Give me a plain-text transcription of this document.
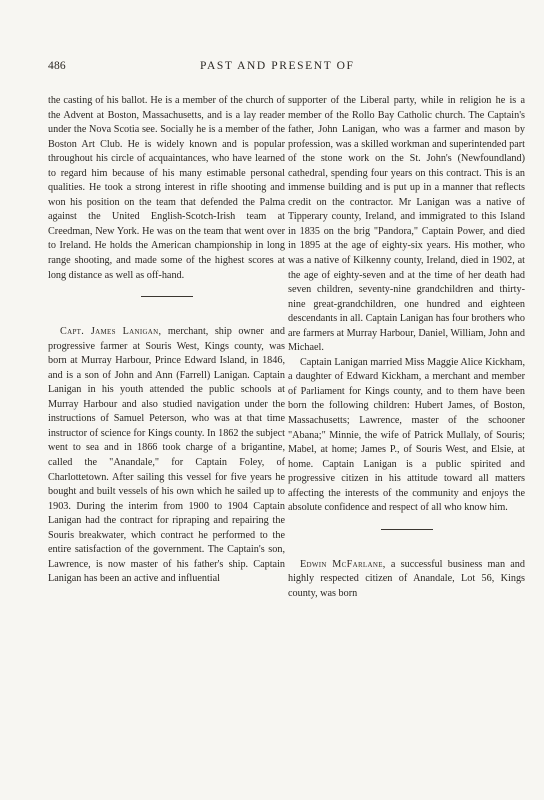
486	PAST AND PRESENT OF

the casting of his ballot. He is a member of the church of the Advent at Boston, Massachusetts, and is a lay reader under the Nova Scotia see. Socially he is a member of the Boston Art Club. He is widely known and is popular throughout his circle of acquaintances, who have learned to regard him because of his many estimable personal qualities. He took a strong interest in rifle shooting and won his position on the team that defended the Palma against the United English-Scotch-Irish team at Creedman, New York. He was on the team that went over to Ireland. He holds the American championship in long range shooting, and made some of the highest scores at long distance as well as off-hand.

Capt. James Lanigan, merchant, ship owner and progressive farmer at Souris West, Kings county, was born at Murray Harbour, Prince Edward Island, in 1846, and is a son of John and Ann (Farrell) Lanigan. Captain Lanigan in his youth attended the public schools at Murray Harbour and also studied navigation under the instructions of Samuel Peterson, who was at that time instructor of science for Kings county. In 1862 the subject went to sea and in 1866 took charge of a brigantine, called the "Anandale," for Captain Foley, of Charlottetown. After sailing this vessel for five years he bought and built vessels of his own which he sailed up to 1903. During the interim from 1900 to 1904 Captain Lanigan had the contract for ripraping and repairing the Souris breakwater, which contract he performed to the entire satisfaction of the government. The Captain's son, Lawrence, is now master of his father's ship. Captain Lanigan has been an active and influential

supporter of the Liberal party, while in religion he is a member of the Rollo Bay Catholic church. The Captain's father, John Lanigan, who was a farmer and mason by profession, was a skilled workman and superintended part of the stone work on the St. John's (Newfoundland) cathedral, spending four years on this contract. This is an immense building and is put up in a manner that reflects credit on the contractor. Mr Lanigan was a native of Tipperary county, Ireland, and immigrated to this Island in 1835 on the brig "Pandora," Captain Power, and died in 1895 at the age of eighty-six years. His mother, who was a native of Kilkenny county, Ireland, died in 1902, at the age of eighty-seven and at the time of her death had seven children, seventy-nine grandchildren and thirty-nine great-grandchildren, one hundred and eighteen descendants in all. Captain Lanigan has four brothers who are farmers at Murray Harbour, Daniel, William, John and Michael.

Captain Lanigan married Miss Maggie Alice Kickham, a daughter of Edward Kickham, a merchant and member of Parliament for Kings county, and to them have been born the following children: Hubert James, of Boston, Massachusetts; Lawrence, master of the schooner "Abana;" Minnie, the wife of Patrick Mullaly, of Souris; Mabel, at home; James P., of Souris West, and Elsie, at home. Captain Lanigan is a public spirited and progressive citizen in his attitude toward all matters affecting the interests of the community and enjoys the absolute confidence and respect of all who know him.

Edwin McFarlane, a successful business man and highly respected citizen of Anandale, Lot 56, Kings county, was born
